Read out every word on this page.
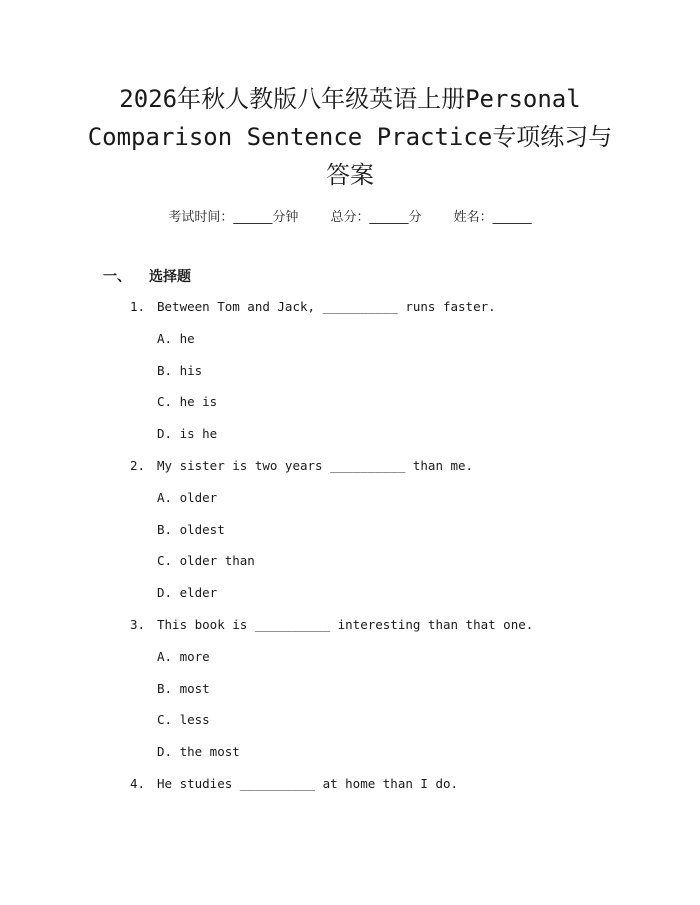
2026年秋人教版八年级英语上册Personal
Comparison Sentence Practice专项练习与
答案
考试时间：______分钟 总分：______分 姓名：______
一、 选择题
1. Between Tom and Jack, __________ runs faster.
A. he
B. his
C. he is
D. is he
2. My sister is two years __________ than me.
A. older
B. oldest
C. older than
D. elder
3. This book is __________ interesting than that one.
A. more
B. most
C. less
D. the most
4. He studies __________ at home than I do.
